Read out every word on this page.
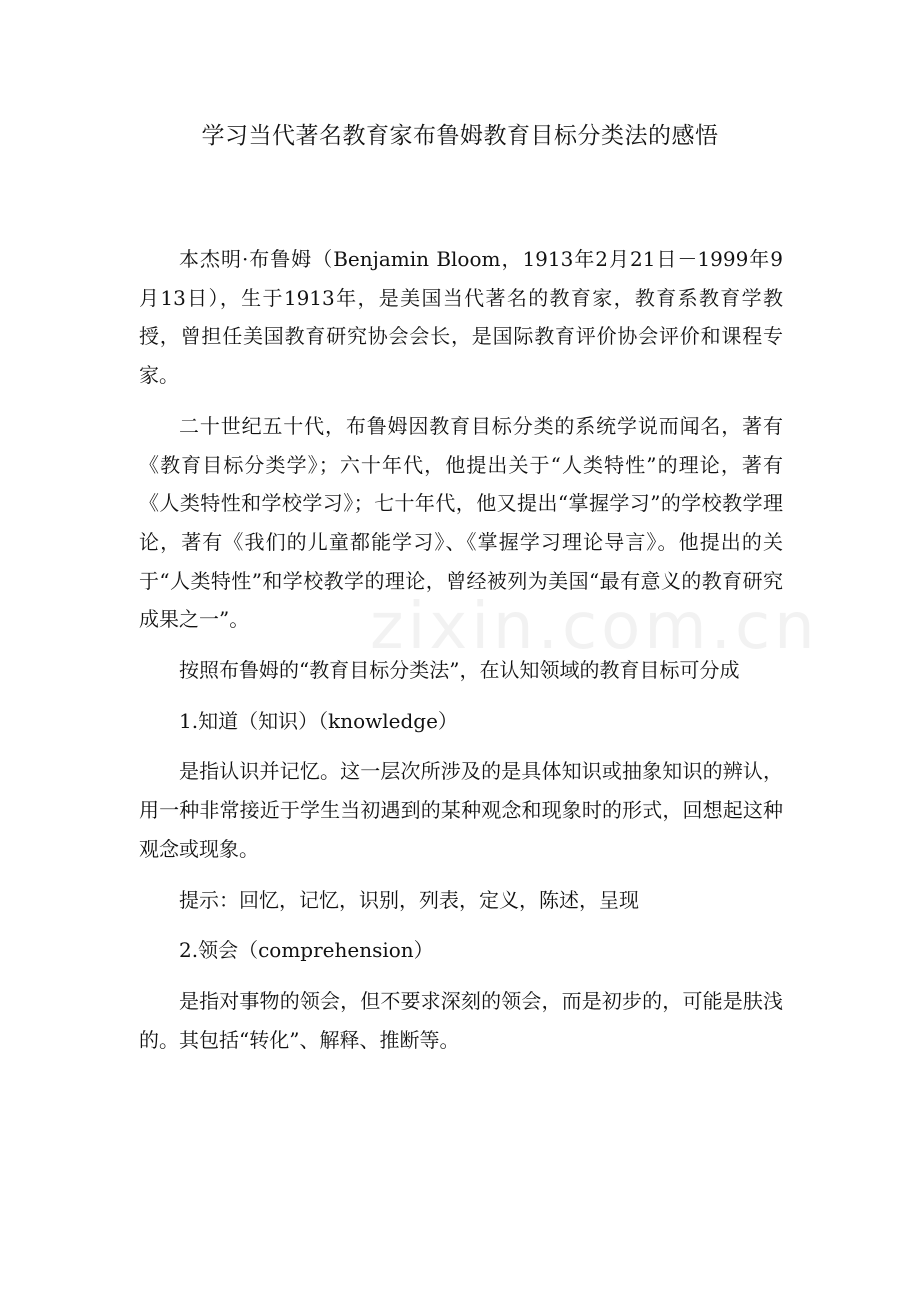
zixin.com.cn
学习当代著名教育家布鲁姆教育目标分类法的感悟

本杰明·布鲁姆（Benjamin Bloom，1913年2月21日－1999年9月13日），生于1913年，是美国当代著名的教育家，教育系教育学教授，曾担任美国教育研究协会会长，是国际教育评价协会评价和课程专家。

二十世纪五十代，布鲁姆因教育目标分类的系统学说而闻名，著有《教育目标分类学》；六十年代，他提出关于“人类特性”的理论，著有《人类特性和学校学习》；七十年代，他又提出“掌握学习”的学校教学理论，著有《我们的儿童都能学习》、《掌握学习理论导言》。他提出的关于“人类特性”和学校教学的理论，曾经被列为美国“最有意义的教育研究成果之一”。

按照布鲁姆的“教育目标分类法”，在认知领域的教育目标可分成

1.知道（知识）（knowledge）

是指认识并记忆。这一层次所涉及的是具体知识或抽象知识的辨认，用一种非常接近于学生当初遇到的某种观念和现象时的形式，回想起这种观念或现象。

提示：回忆，记忆，识别，列表，定义，陈述，呈现

2.领会（comprehension）

是指对事物的领会，但不要求深刻的领会，而是初步的，可能是肤浅的。其包括“转化”、解释、推断等。
